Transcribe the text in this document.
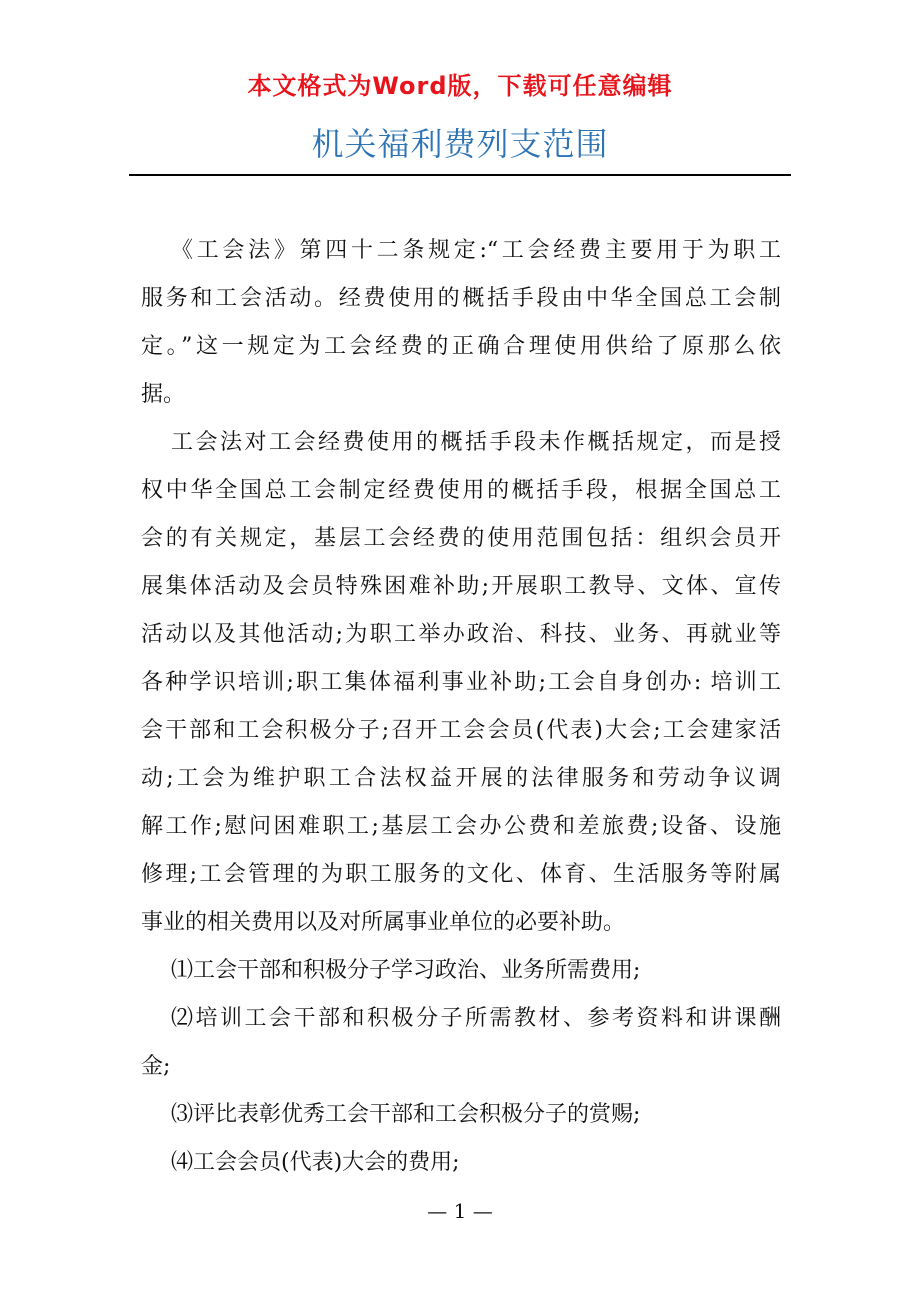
本文格式为Word版，下载可任意编辑
机关福利费列支范围
《工会法》第四十二条规定:“工会经费主要用于为职工
服务和工会活动。经费使用的概括手段由中华全国总工会制
定。”这一规定为工会经费的正确合理使用供给了原那么依
据。
工会法对工会经费使用的概括手段未作概括规定，而是授
权中华全国总工会制定经费使用的概括手段，根据全国总工
会的有关规定，基层工会经费的使用范围包括：组织会员开
展集体活动及会员特殊困难补助;开展职工教导、文体、宣传
活动以及其他活动;为职工举办政治、科技、业务、再就业等
各种学识培训;职工集体福利事业补助;工会自身创办: 培训工
会干部和工会积极分子;召开工会会员(代表)大会;工会建家活
动;工会为维护职工合法权益开展的法律服务和劳动争议调
解工作;慰问困难职工;基层工会办公费和差旅费;设备、设施
修理;工会管理的为职工服务的文化、体育、生活服务等附属
事业的相关费用以及对所属事业单位的必要补助。
⑴工会干部和积极分子学习政治、业务所需费用;
⑵培训工会干部和积极分子所需教材、参考资料和讲课酬
金;
⑶评比表彰优秀工会干部和工会积极分子的赏赐;
⑷工会会员(代表)大会的费用;
— 1 —
